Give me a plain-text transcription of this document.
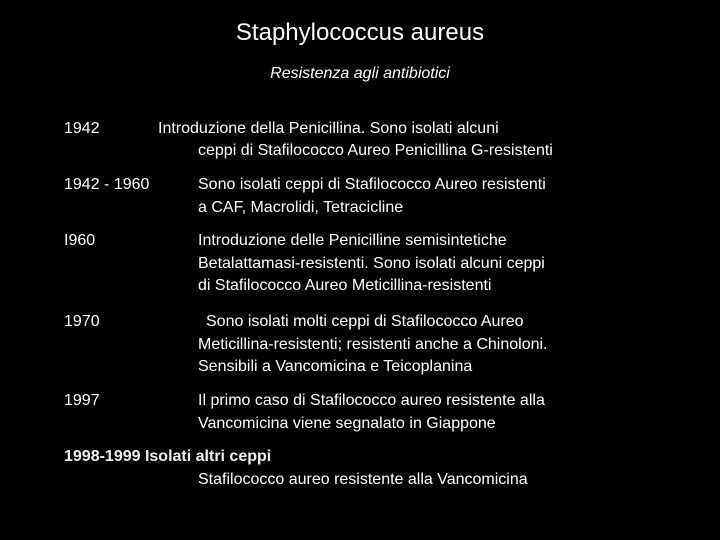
Staphylococcus aureus
Resistenza agli antibiotici
1942	Introduzione della Penicillina. Sono isolati alcuni
ceppi di Stafilococco Aureo Penicillina G-resistenti
1942 - 1960	Sono isolati ceppi di Stafilococco Aureo resistenti
a CAF, Macrolidi, Tetracicline
I960	Introduzione delle Penicilline semisintetiche
Betalattamasi-resistenti. Sono isolati alcuni ceppi
di Stafilococco Aureo Meticillina-resistenti
1970	Sono isolati molti ceppi di Stafilococco Aureo
Meticillina-resistenti; resistenti anche a Chinoloni.
Sensibili a Vancomicina e Teicoplanina
1997	Il primo caso di Stafilococco aureo resistente alla
Vancomicina viene segnalato in Giappone
1998-1999 Isolati altri ceppi
Stafilococco aureo resistente alla Vancomicina
